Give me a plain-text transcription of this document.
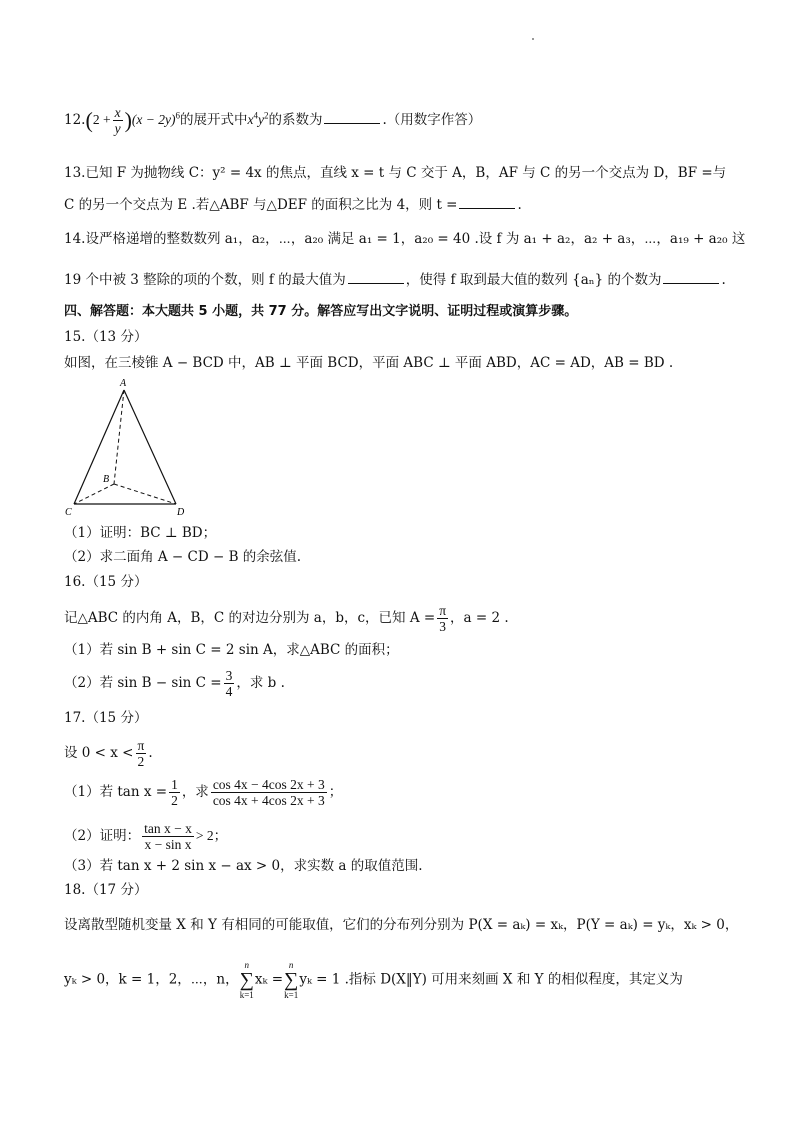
$12.(2 + \frac{x}{y} )(x - 2y)^6$的展开式中$x^4y^2$的系数为	.（用数字作答）
13.已知 F 为抛物线 C：y² = 4x 的焦点，直线 x = t 与 C 交于 A，B，AF 与 C 的另一个交点为 D，BF =与
C 的另一个交点为 E .若△ABF 与△DEF 的面积之比为 4，则 t =	.
14.设严格递增的整数数列 a₁，a₂，⋯，a₂₀ 满足 a₁ = 1，a₂₀ = 40 .设 f 为 a₁ + a₂，a₂ + a₃，⋯，a₁₉ + a₂₀ 这
19 个中被 3 整除的项的个数，则 f 的最大值为	，使得 f 取到最大值的数列 {aₙ} 的个数为	.
四、解答题：本大题共 5 小题，共 77 分。解答应写出文字说明、证明过程或演算步骤。
15.（13 分）
如图，在三棱锥 A − BCD 中，AB ⊥ 平面 BCD，平面 ABC ⊥ 平面 ABD，AC = AD，AB = BD .
A
B
C	D
（1）证明：BC ⊥ BD；
（2）求二面角 A − CD − B 的余弦值.
16.（15 分）
记△ABC 的内角 A，B，C 的对边分别为 a，b，c，已知 $A = \frac{\pi}{3}$ ，a = 2 .
（1）若 sin B + sin C = 2 sin A，求△ABC 的面积；
（2）若 $\sin B - \sin C = \frac{3}{4}$ ，求 b .
17.（15 分）
设 $0 < x < \frac{\pi}{2}$ .
（1）若 $\tan x = \frac{1}{2}$ ，求 $\frac{\cos 4x - 4\cos 2x + 3}{\cos 4x + 4\cos 2x + 3}$ ；
（2）证明： $\frac{\text{tan x − x}}{\text{x − sin x}} > 2$；
（3）若 tan x + 2 sin x − ax > 0，求实数 a 的取值范围.
18.（17 分）
设离散型随机变量 X 和 Y 有相同的可能取值，它们的分布列分别为 P(X = aₖ) = xₖ，P(Y = aₖ) = yₖ，xₖ > 0，
yₖ > 0，k = 1，2，⋯，n，
n
∑
k=1
xₖ =
n
∑
k=1
yₖ = 1 .指标 D(X‖Y) 可用来刻画 X 和 Y 的相似程度，其定义为
